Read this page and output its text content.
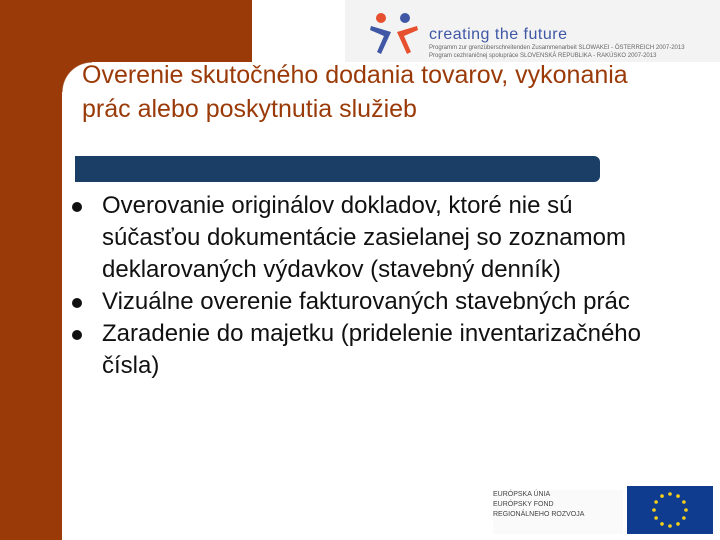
creating the future
Programm zur grenzüberschreitenden Zusammenarbeit SLOWAKEI - ÖSTERREICH 2007-2013
Program cezhraničnej spolupráce SLOVENSKÁ REPUBLIKA - RAKÚSKO 2007-2013
Overenie skutočného dodania tovarov, vykonania prác alebo poskytnutia služieb
Overovanie originálov dokladov, ktoré nie sú súčasťou dokumentácie zasielanej so zoznamom deklarovaných výdavkov (stavebný denník)
Vizuálne overenie fakturovaných stavebných prác
Zaradenie do majetku (pridelenie inventarizačného čísla)
EURÓPSKA ÚNIA
EURÓPSKY FOND
REGIONÁLNEHO ROZVOJA
